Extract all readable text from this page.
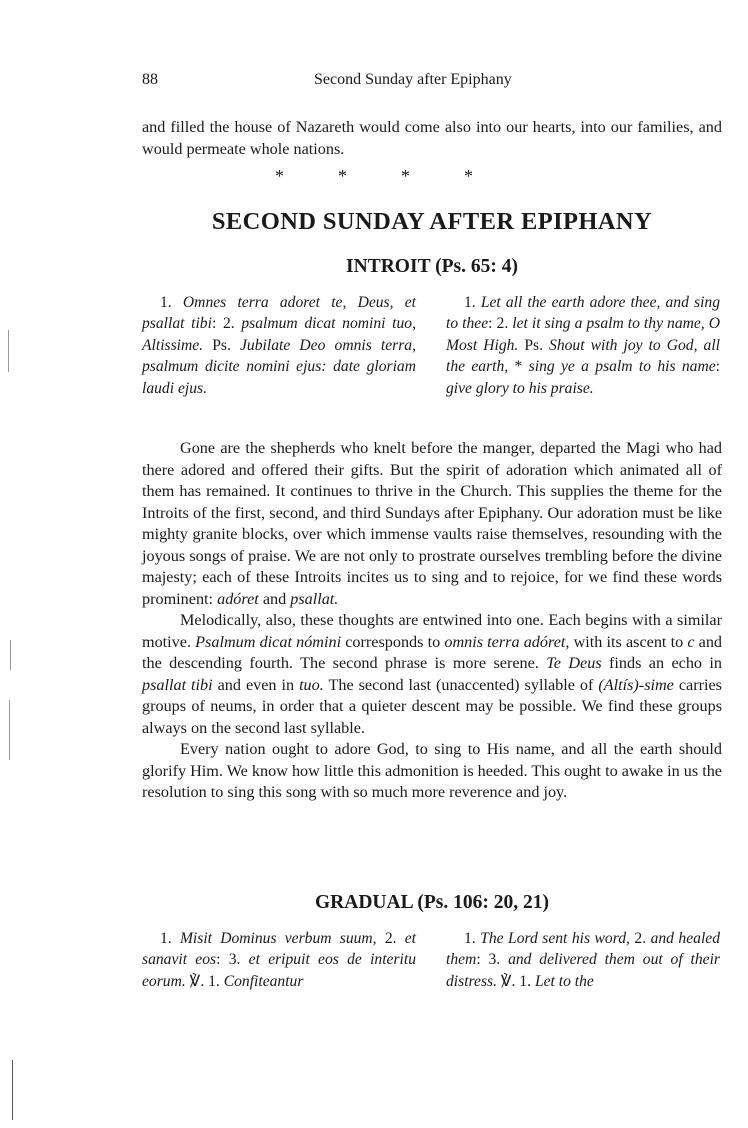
88	Second Sunday after Epiphany

and filled the house of Nazareth would come also into our hearts, into our families, and would permeate whole nations.

*	*	*	*
SECOND SUNDAY AFTER EPIPHANY
INTROIT (Ps. 65: 4)

1. Omnes terra adoret te, Deus, et psallat tibi: 2. psalmum dicat nomini tuo, Altissime. Ps. Jubilate Deo omnis terra, psalmum dicite nomini ejus: date gloriam laudi ejus.

1. Let all the earth adore thee, and sing to thee: 2. let it sing a psalm to thy name, O Most High. Ps. Shout with joy to God, all the earth, * sing ye a psalm to his name: give glory to his praise.

Gone are the shepherds who knelt before the manger, departed the Magi who had there adored and offered their gifts. But the spirit of adoration which animated all of them has remained. It continues to thrive in the Church. This supplies the theme for the Introits of the first, second, and third Sundays after Epiphany. Our adoration must be like mighty granite blocks, over which immense vaults raise themselves, resounding with the joyous songs of praise. We are not only to prostrate ourselves trembling before the divine majesty; each of these Introits incites us to sing and to rejoice, for we find these words prominent: adóret and psallat.

Melodically, also, these thoughts are entwined into one. Each begins with a similar motive. Psalmum dicat nómini corresponds to omnis terra adóret, with its ascent to c and the descending fourth. The second phrase is more serene. Te Deus finds an echo in psallat tibi and even in tuo. The second last (unaccented) syllable of (Altís)-sime carries groups of neums, in order that a quieter descent may be possible. We find these groups always on the second last syllable.

Every nation ought to adore God, to sing to His name, and all the earth should glorify Him. We know how little this admonition is heeded. This ought to awake in us the resolution to sing this song with so much more reverence and joy.

GRADUAL (Ps. 106: 20, 21)

1. Misit Dominus verbum suum, 2. et sanavit eos: 3. et eripuit eos de interitu eorum. ℣. 1. Confiteantur

1. The Lord sent his word, 2. and healed them: 3. and delivered them out of their distress. ℣. 1. Let to the
